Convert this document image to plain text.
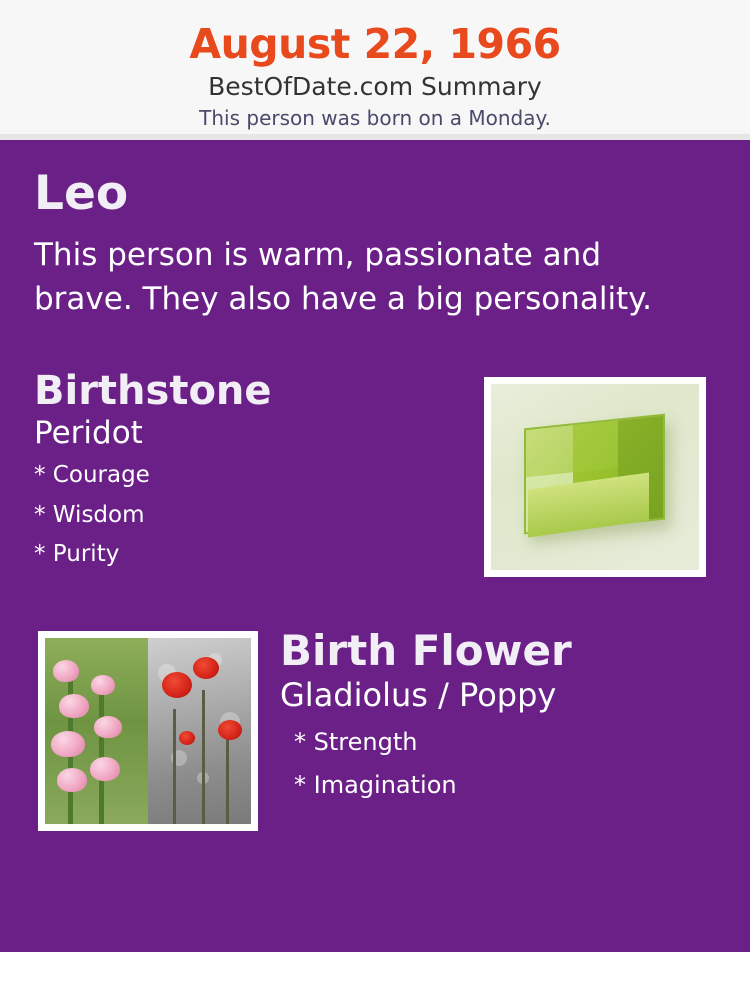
August 22, 1966
BestOfDate.com Summary
This person was born on a Monday.
Leo

This person is warm, passionate and brave. They also have a big personality.

Birthstone
Peridot
* Courage
* Wisdom
* Purity
Birth Flower
Gladiolus / Poppy
* Strength
* Imagination
